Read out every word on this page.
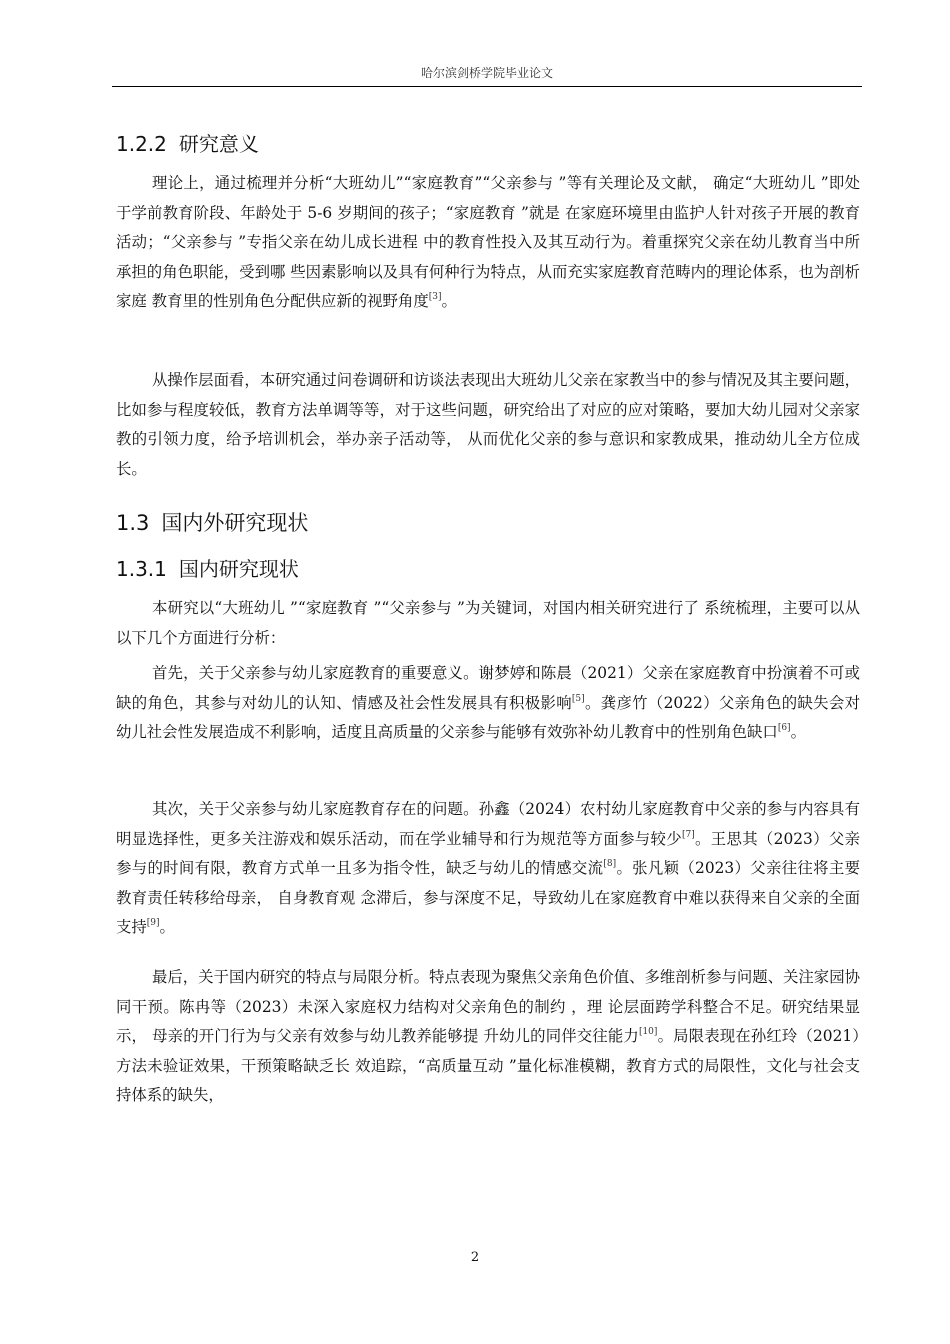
哈尔滨剑桥学院毕业论文
1.2.2 研究意义

理论上，通过梳理并分析“大班幼儿”“家庭教育”“父亲参与 ”等有关理论及文献， 确定“大班幼儿 ”即处于学前教育阶段、年龄处于 5-6 岁期间的孩子；“家庭教育 ”就是 在家庭环境里由监护人针对孩子开展的教育活动；“父亲参与 ”专指父亲在幼儿成长进程 中的教育性投入及其互动行为。着重探究父亲在幼儿教育当中所承担的角色职能，受到哪 些因素影响以及具有何种行为特点，从而充实家庭教育范畴内的理论体系，也为剖析家庭 教育里的性别角色分配供应新的视野角度[3]。

从操作层面看，本研究通过问卷调研和访谈法表现出大班幼儿父亲在家教当中的参与情况及其主要问题，比如参与程度较低，教育方法单调等等，对于这些问题，研究给出了对应的应对策略，要加大幼儿园对父亲家教的引领力度，给予培训机会，举办亲子活动等， 从而优化父亲的参与意识和家教成果，推动幼儿全方位成长。

1.3 国内外研究现状
1.3.1 国内研究现状

本研究以“大班幼儿 ”“家庭教育 ”“父亲参与 ”为关键词，对国内相关研究进行了 系统梳理，主要可以从以下几个方面进行分析：

首先，关于父亲参与幼儿家庭教育的重要意义。谢梦婷和陈晨（2021）父亲在家庭教育中扮演着不可或缺的角色，其参与对幼儿的认知、情感及社会性发展具有积极影响[5]。龚彦竹（2022）父亲角色的缺失会对幼儿社会性发展造成不利影响，适度且高质量的父亲参与能够有效弥补幼儿教育中的性别角色缺口[6]。

其次，关于父亲参与幼儿家庭教育存在的问题。孙鑫（2024）农村幼儿家庭教育中父亲的参与内容具有明显选择性，更多关注游戏和娱乐活动，而在学业辅导和行为规范等方面参与较少[7]。王思其（2023）父亲参与的时间有限，教育方式单一且多为指令性，缺乏与幼儿的情感交流[8]。张凡颖（2023）父亲往往将主要教育责任转移给母亲， 自身教育观 念滞后，参与深度不足，导致幼儿在家庭教育中难以获得来自父亲的全面支持[9]。

最后，关于国内研究的特点与局限分析。特点表现为聚焦父亲角色价值、多维剖析参与问题、关注家园协同干预。陈冉等（2023）未深入家庭权力结构对父亲角色的制约 ，理 论层面跨学科整合不足。研究结果显示， 母亲的开门行为与父亲有效参与幼儿教养能够提 升幼儿的同伴交往能力[10]。局限表现在孙红玲（2021）方法未验证效果，干预策略缺乏长 效追踪，“高质量互动 ”量化标准模糊，教育方式的局限性，文化与社会支持体系的缺失，

2
